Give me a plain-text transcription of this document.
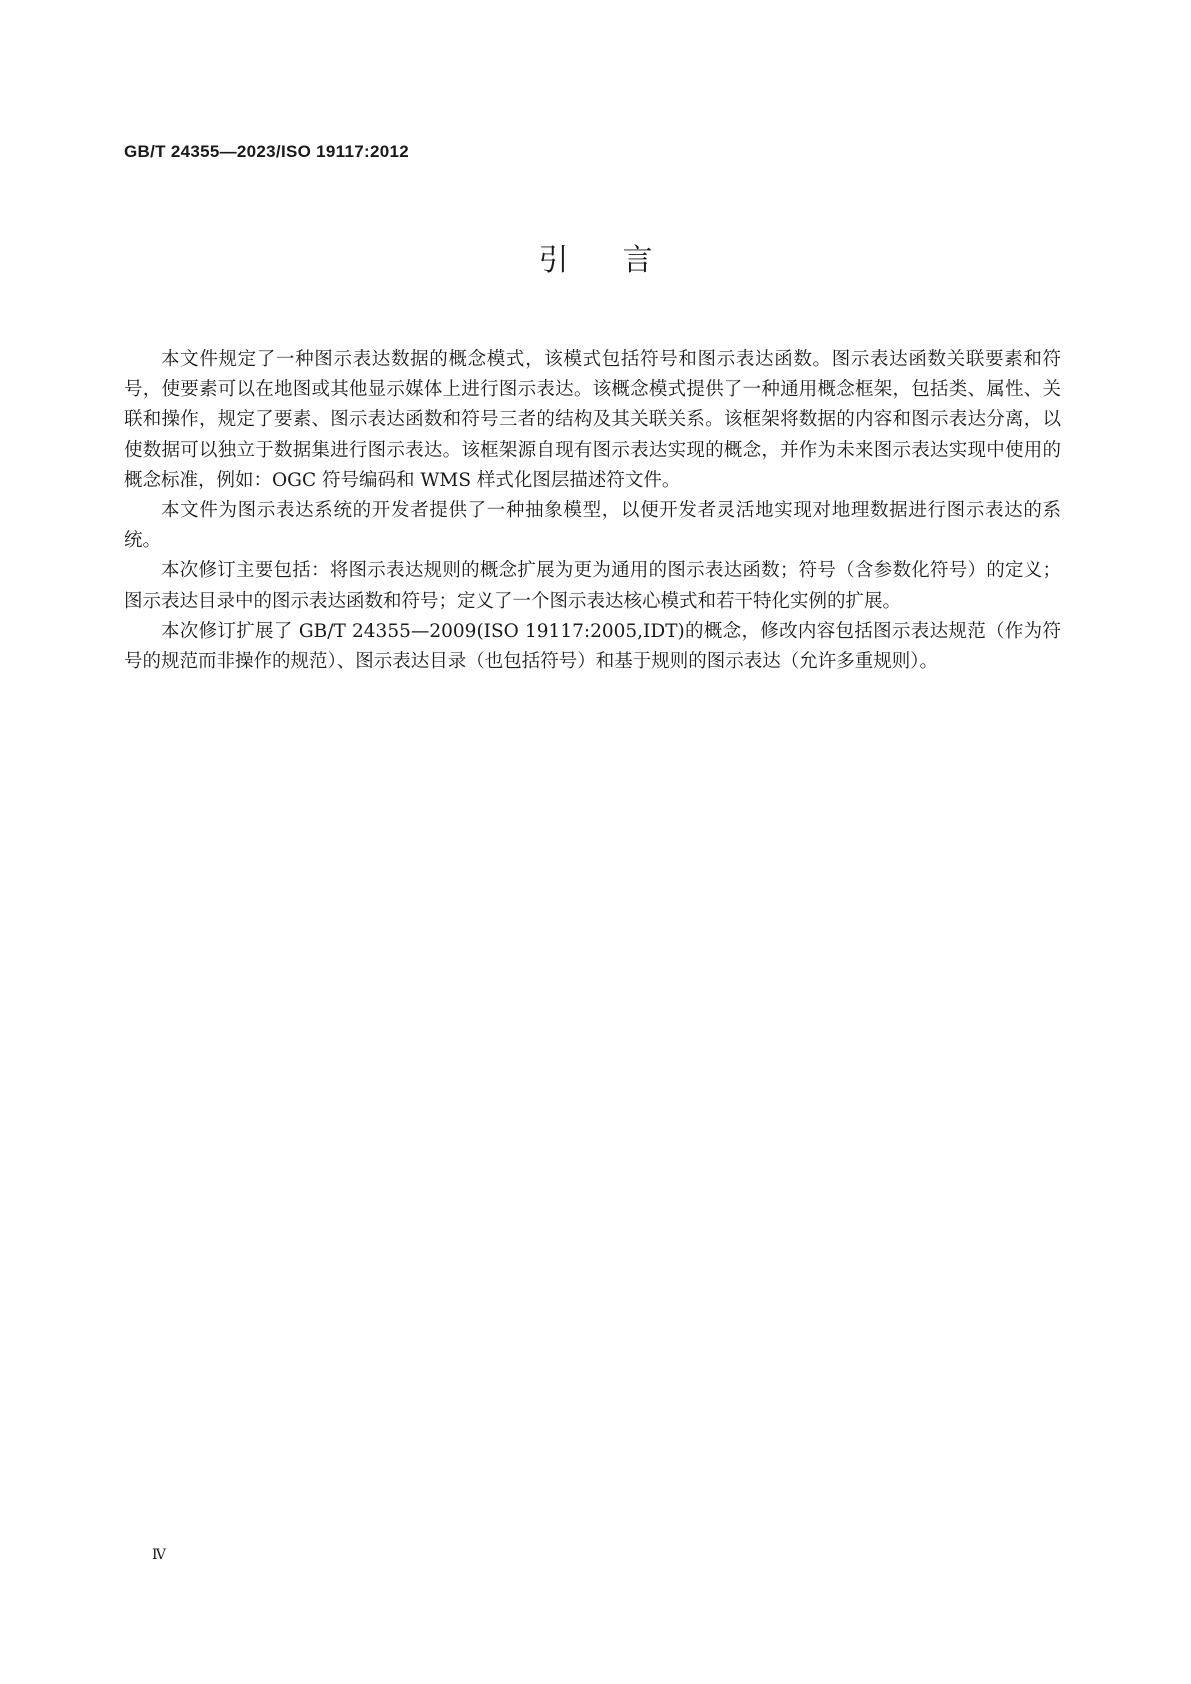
GB/T 24355—2023/ISO 19117:2012
引言

本文件规定了一种图示表达数据的概念模式，该模式包括符号和图示表达函数。图示表达函数关联要素和符号，使要素可以在地图或其他显示媒体上进行图示表达。该概念模式提供了一种通用概念框架，包括类、属性、关联和操作，规定了要素、图示表达函数和符号三者的结构及其关联关系。该框架将数据的内容和图示表达分离，以使数据可以独立于数据集进行图示表达。该框架源自现有图示表达实现的概念，并作为未来图示表达实现中使用的概念标准，例如：OGC 符号编码和 WMS 样式化图层描述符文件。

本文件为图示表达系统的开发者提供了一种抽象模型，以便开发者灵活地实现对地理数据进行图示表达的系统。

本次修订主要包括：将图示表达规则的概念扩展为更为通用的图示表达函数；符号（含参数化符号）的定义；图示表达目录中的图示表达函数和符号；定义了一个图示表达核心模式和若干特化实例的扩展。

本次修订扩展了 GB/T 24355—2009(ISO 19117:2005,IDT)的概念，修改内容包括图示表达规范（作为符号的规范而非操作的规范）、图示表达目录（也包括符号）和基于规则的图示表达（允许多重规则）。

Ⅳ
